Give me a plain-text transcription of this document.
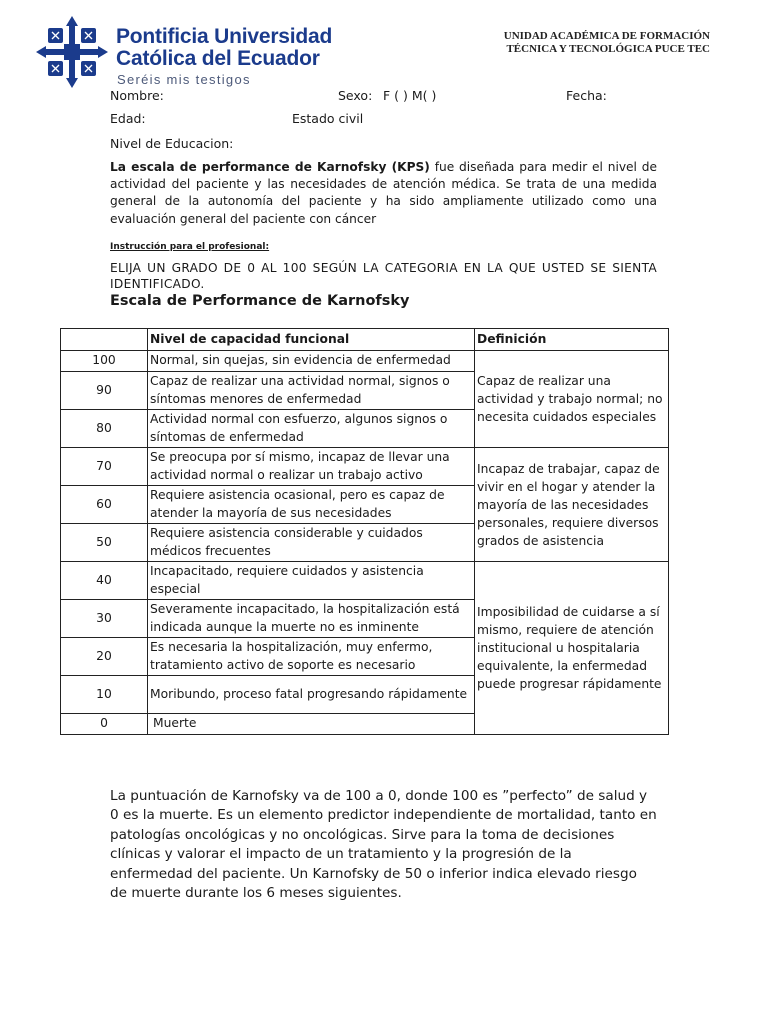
Pontificia Universidad
Católica del Ecuador
Seréis mis testigos
UNIDAD ACADÉMICA DE FORMACIÓN
TÉCNICA Y TECNOLÓGICA PUCE TEC
Nombre:	Sexo: F ( ) M( )	Fecha:
Edad:	Estado civil
Nivel de Educacion:
La escala de performance de Karnofsky (KPS) fue diseñada para medir el nivel de actividad del paciente y las necesidades de atención médica. Se trata de una medida general de la autonomía del paciente y ha sido ampliamente utilizado como una evaluación general del paciente con cáncer
Instrucción para el profesional:
ELIJA UN GRADO DE 0 AL 100 SEGÚN LA CATEGORIA EN LA QUE USTED SE SIENTA IDENTIFICADO.
Escala de Performance de Karnofsky
	Nivel de capacidad funcional	Definición
100	Normal, sin quejas, sin evidencia de enfermedad	Capaz de realizar una actividad y trabajo normal; no necesita cuidados especiales

90	Capaz de realizar una actividad normal, signos o síntomas menores de enfermedad	
80	Actividad normal con esfuerzo, algunos signos o síntomas de enfermedad	
70	Se preocupa por sí mismo, incapaz de llevar una actividad normal o realizar un trabajo activo	Incapaz de trabajar, capaz de vivir en el hogar y atender la mayoría de las necesidades personales, requiere diversos grados de asistencia

60	Requiere asistencia ocasional, pero es capaz de atender la mayoría de sus necesidades	
50	Requiere asistencia considerable y cuidados médicos frecuentes	
40	Incapacitado, requiere cuidados y asistencia especial	Imposibilidad de cuidarse a sí mismo, requiere de atención institucional u hospitalaria equivalente, la enfermedad puede progresar rápidamente

30	Severamente incapacitado, la hospitalización está indicada aunque la muerte no es inminente	
20	Es necesaria la hospitalización, muy enfermo, tratamiento activo de soporte es necesario	
10	Moribundo, proceso fatal progresando rápidamente	
0	Muerte	
La puntuación de Karnofsky va de 100 a 0, donde 100 es ”perfecto” de salud y 0 es la muerte. Es un elemento predictor independiente de mortalidad, tanto en patologías oncológicas y no oncológicas. Sirve para la toma de decisiones clínicas y valorar el impacto de un tratamiento y la progresión de la enfermedad del paciente. Un Karnofsky de 50 o inferior indica elevado riesgo de muerte durante los 6 meses siguientes.
